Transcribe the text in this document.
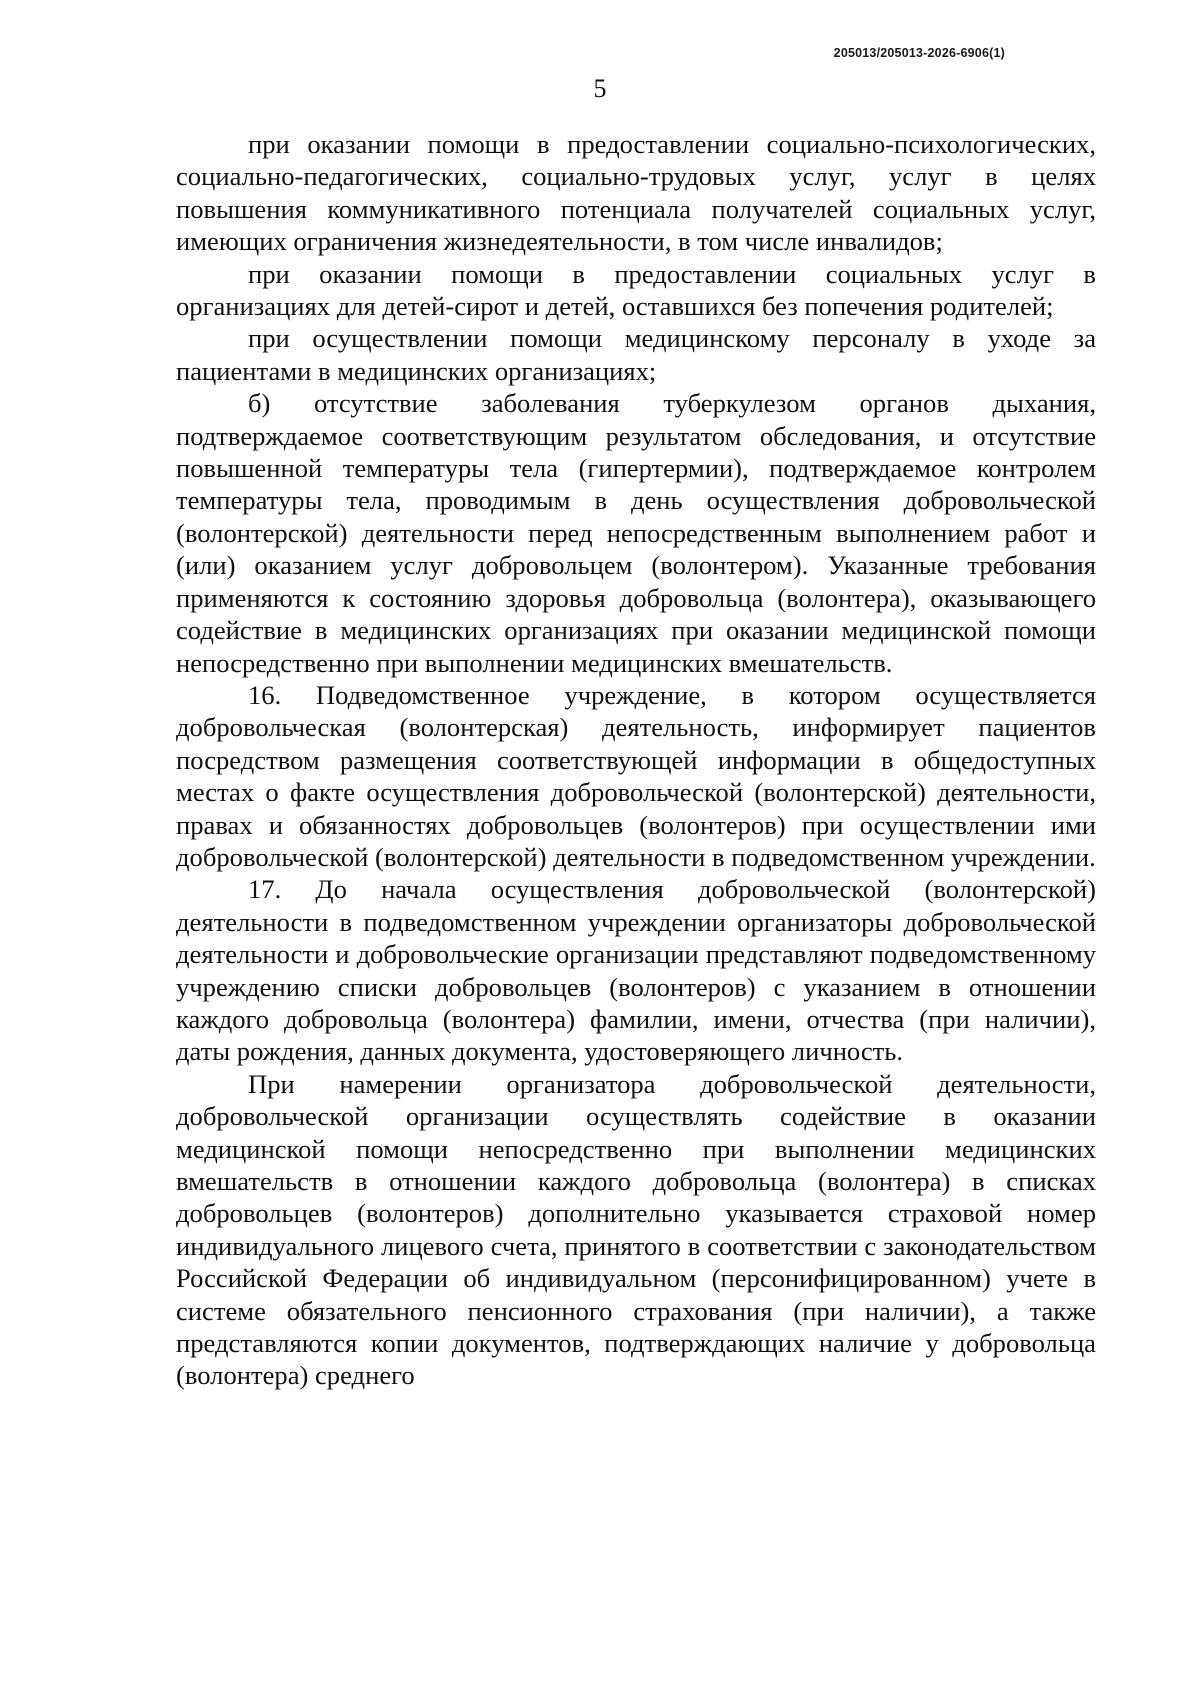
205013/205013-2026-6906(1)
5

при оказании помощи в предоставлении социально-психологических, социально-педагогических, социально-трудовых услуг, услуг в целях повышения коммуникативного потенциала получателей социальных услуг, имеющих ограничения жизнедеятельности, в том числе инвалидов;

при оказании помощи в предоставлении социальных услуг в организациях для детей-сирот и детей, оставшихся без попечения родителей;

при осуществлении помощи медицинскому персоналу в уходе за пациентами в медицинских организациях;

б) отсутствие заболевания туберкулезом органов дыхания, подтверждаемое соответствующим результатом обследования, и отсутствие повышенной температуры тела (гипертермии), подтверждаемое контролем температуры тела, проводимым в день осуществления добровольческой (волонтерской) деятельности перед непосредственным выполнением работ и (или) оказанием услуг добровольцем (волонтером). Указанные требования применяются к состоянию здоровья добровольца (волонтера), оказывающего содействие в медицинских организациях при оказании медицинской помощи непосредственно при выполнении медицинских вмешательств.

16. Подведомственное учреждение, в котором осуществляется добровольческая (волонтерская) деятельность, информирует пациентов посредством размещения соответствующей информации в общедоступных местах о факте осуществления добровольческой (волонтерской) деятельности, правах и обязанностях добровольцев (волонтеров) при осуществлении ими добровольческой (волонтерской) деятельности в подведомственном учреждении.

17. До начала осуществления добровольческой (волонтерской) деятельности в подведомственном учреждении организаторы добровольческой деятельности и добровольческие организации представляют подведомственному учреждению списки добровольцев (волонтеров) с указанием в отношении каждого добровольца (волонтера) фамилии, имени, отчества (при наличии), даты рождения, данных документа, удостоверяющего личность.

При намерении организатора добровольческой деятельности, добровольческой организации осуществлять содействие в оказании медицинской помощи непосредственно при выполнении медицинских вмешательств в отношении каждого добровольца (волонтера) в списках добровольцев (волонтеров) дополнительно указывается страховой номер индивидуального лицевого счета, принятого в соответствии с законодательством Российской Федерации об индивидуальном (персонифицированном) учете в системе обязательного пенсионного страхования (при наличии), а также представляются копии документов, подтверждающих наличие у добровольца (волонтера) среднего
